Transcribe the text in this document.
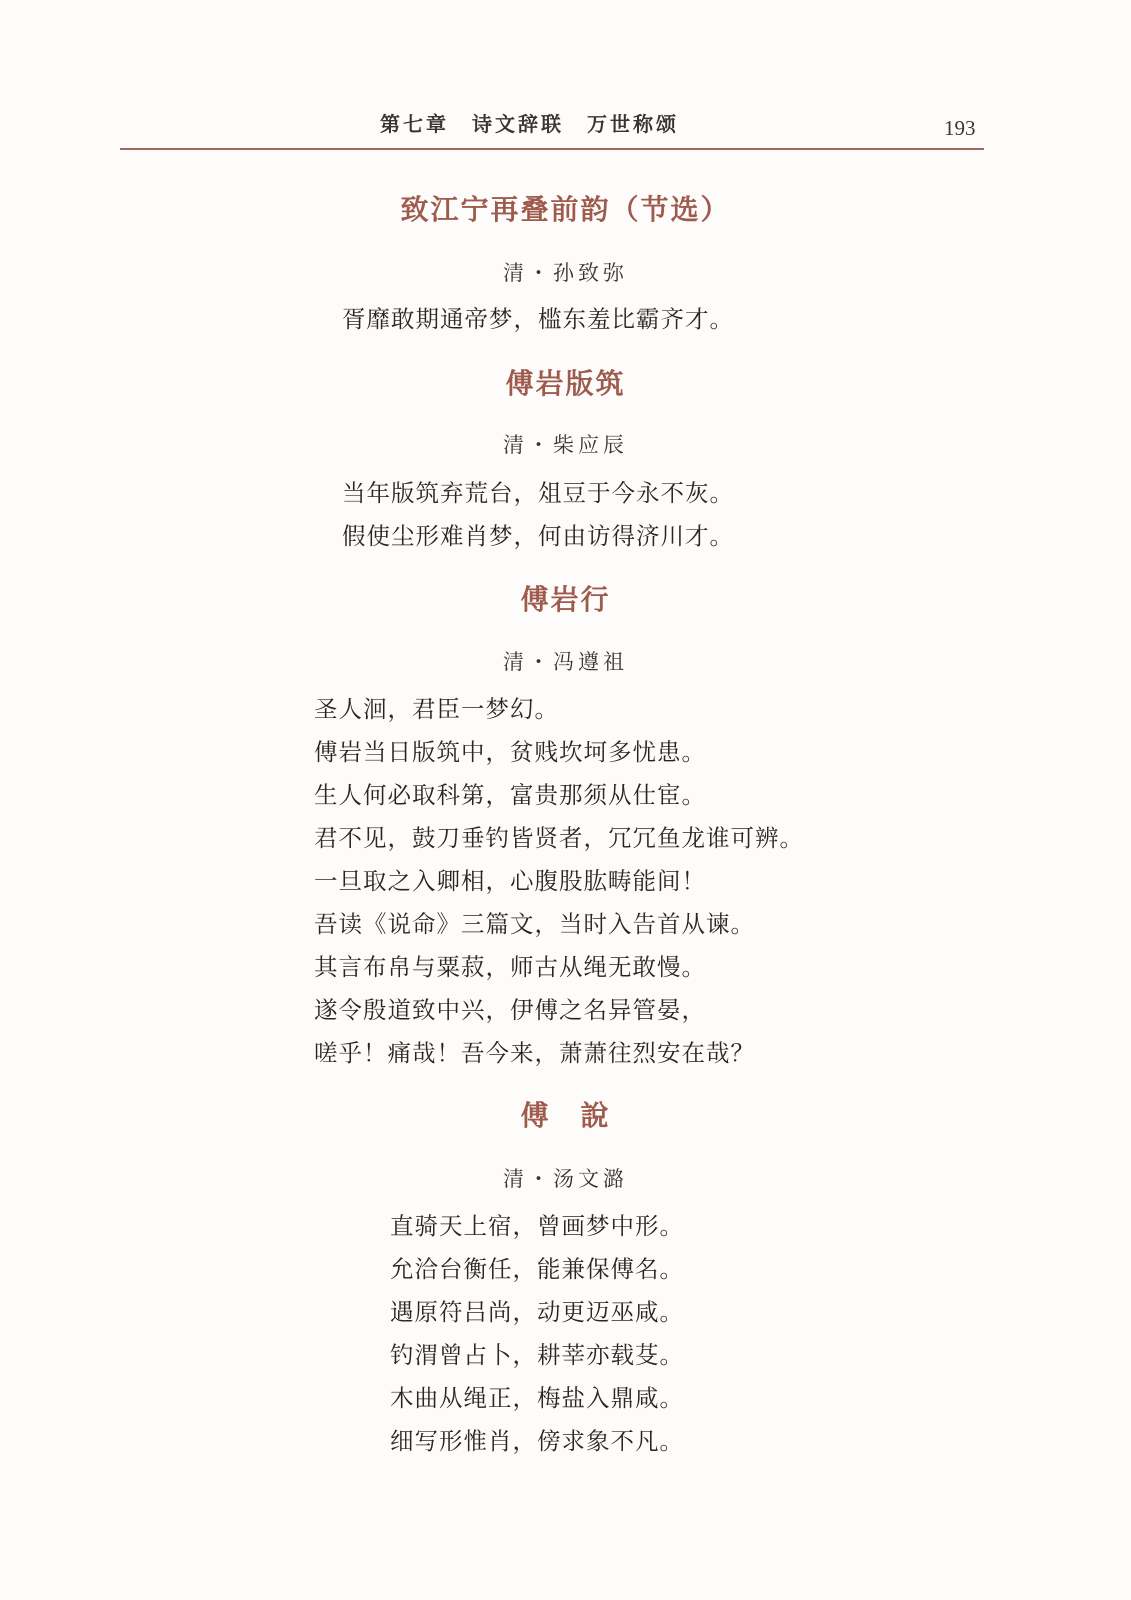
第七章　诗文辞联　万世称颂	193
致江宁再叠前韵（节选）
清・孙致弥
胥靡敢期通帝梦，槛东羞比霸齐才。
傅岩版筑
清・柴应辰
当年版筑弃荒台，俎豆于今永不灰。
假使尘形难肖梦，何由访得济川才。
傅岩行
清・冯遵祖
圣人洄，君臣一梦幻。
傅岩当日版筑中，贫贱坎坷多忧患。
生人何必取科第，富贵那须从仕宦。
君不见，鼓刀垂钓皆贤者，冗冗鱼龙谁可辨。
一旦取之入卿相，心腹股肱畴能间！
吾读《说命》三篇文，当时入告首从谏。
其言布帛与粟菽，师古从绳无敢慢。
遂令殷道致中兴，伊傅之名异管晏，
嗟乎！痛哉！吾今来，萧萧往烈安在哉？
傅　說
清・汤文潞
直骑天上宿，曾画梦中形。
允洽台衡任，能兼保傅名。
遇原符吕尚，动更迈巫咸。
钓渭曾占卜，耕莘亦载芟。
木曲从绳正，梅盐入鼎咸。
细写形惟肖，傍求象不凡。
